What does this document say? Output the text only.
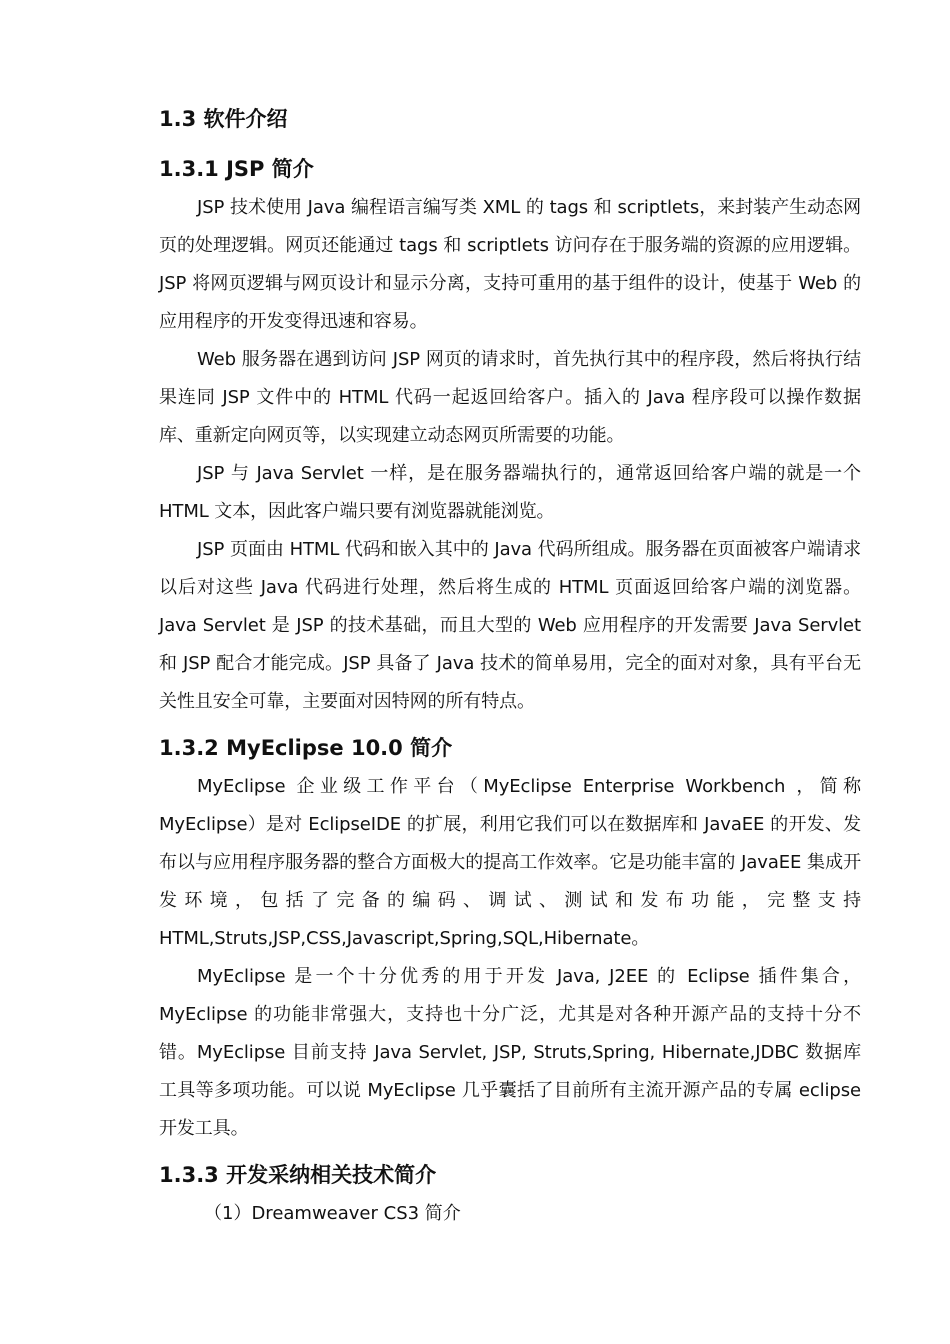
1.3 软件介绍
1.3.1 JSP 简介

JSP 技术使用 Java 编程语言编写类 XML 的 tags 和 scriptlets，来封装产生动态网页的处理逻辑。网页还能通过 tags 和 scriptlets 访问存在于服务端的资源的应用逻辑。JSP 将网页逻辑与网页设计和显示分离，支持可重用的基于组件的设计，使基于 Web 的应用程序的开发变得迅速和容易。

Web 服务器在遇到访问 JSP 网页的请求时，首先执行其中的程序段，然后将执行结果连同 JSP 文件中的 HTML 代码一起返回给客户。插入的 Java 程序段可以操作数据库、重新定向网页等，以实现建立动态网页所需要的功能。

JSP 与 Java Servlet 一样，是在服务器端执行的，通常返回给客户端的就是一个 HTML 文本，因此客户端只要有浏览器就能浏览。

JSP 页面由 HTML 代码和嵌入其中的 Java 代码所组成。服务器在页面被客户端请求以后对这些 Java 代码进行处理，然后将生成的 HTML 页面返回给客户端的浏览器。Java Servlet 是 JSP 的技术基础，而且大型的 Web 应用程序的开发需要 Java Servlet 和 JSP 配合才能完成。JSP 具备了 Java 技术的简单易用，完全的面对对象，具有平台无关性且安全可靠，主要面对因特网的所有特点。

1.3.2 MyEclipse 10.0 简介

MyEclipse 企业级工作平台（MyEclipse Enterprise Workbench ，简称 MyEclipse）是对 EclipseIDE 的扩展，利用它我们可以在数据库和 JavaEE 的开发、发布以与应用程序服务器的整合方面极大的提高工作效率。它是功能丰富的 JavaEE 集成开发环境，包括了完备的编码、调试、测试和发布功能，完整支持 HTML,Struts,JSP,CSS,Javascript,Spring,SQL,Hibernate。

MyEclipse 是一个十分优秀的用于开发 Java, J2EE 的 Eclipse 插件集合，MyEclipse 的功能非常强大，支持也十分广泛，尤其是对各种开源产品的支持十分不错。MyEclipse 目前支持 Java Servlet, JSP, Struts,Spring, Hibernate,JDBC 数据库工具等多项功能。可以说 MyEclipse 几乎囊括了目前所有主流开源产品的专属 eclipse 开发工具。

1.3.3 开发采纳相关技术简介
（1）Dreamweaver CS3 简介
